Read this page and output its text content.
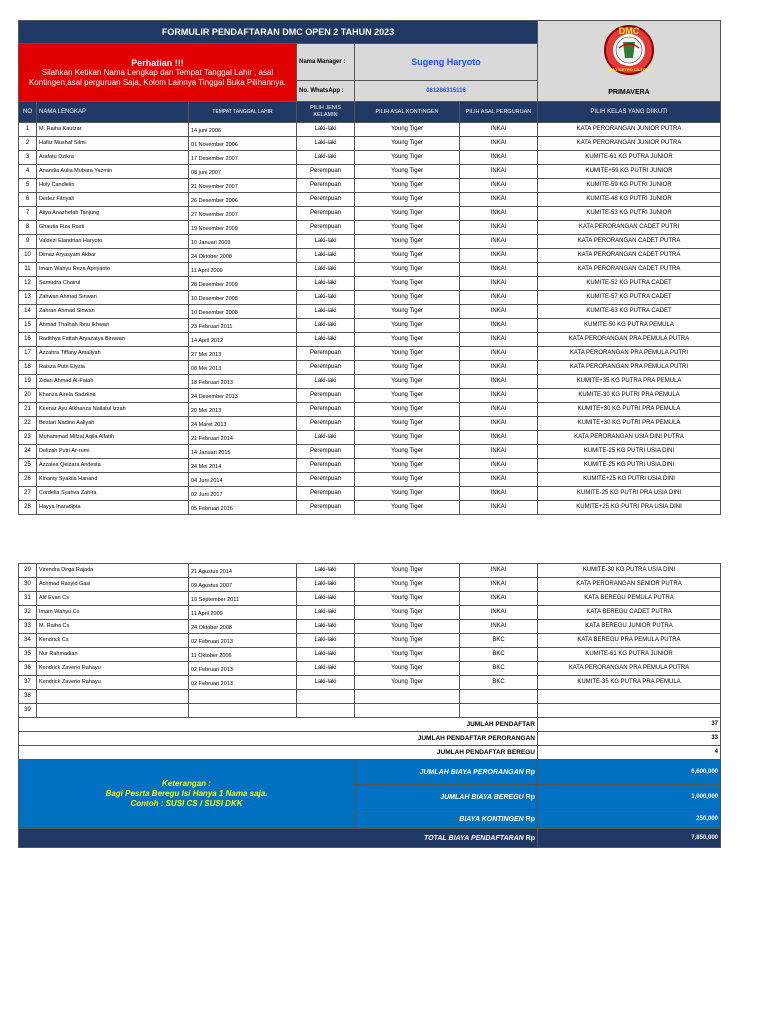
FORMULIR PENDAFTARAN DMC OPEN 2 TAHUN 2023						DMC
DOJO METRO CILEDUG
PRIMAVERA

Perhatian !!!
Silahkan Ketikan Nama Lengkap dan Tempat Tanggal Lahir , asal Kontingen,asal perguruan Saja, Kolom Lainnya Tinggal Buka Pilihannya.			Nama Manager :	Sugeng Haryoto		
			No. WhatsApp :	081286315116		
NO	NAMA LENGKAP	TEMPAT TANGGAL LAHIR	PILIH JENIS KELAMIN	PILIH ASAL KONTINGEN	PILIH ASAL PERGURUAN	PILIH KELAS YANG DIIKUTI
1	M. Raiha Kautzar	14 juni 2006	Laki-laki	Young Tiger	INKAI	KATA PERORANGAN JUNIOR PUTRA
2	Hafiiz Mushaf Silmi	01 November 2006	Laki-laki	Young Tiger	INKAI	KATA PERORANGAN JUNIOR PUTRA
3	Arafatu Dzikra	17 Desember 2007	Laki-laki	Young Tiger	INKAI	KUMITE-61 KG PUTRA JUNIOR
4	Anandia Aulia Mubara Yazmin	08 juni 2007	Perempuan	Young Tiger	INKAI	KUMITE+59 KG PUTRI JUNIOR
5	Holy Candlelin	21 November 2007	Perempuan	Young Tiger	INKAI	KUMITE-59 KG PUTRI JUNIOR
6	Dedez Fitriyah	26 Desember 2006	Perempuan	Young Tiger	INKAI	KUMITE-48 KG PUTRI JUNIOR
7	Aliya Anazhefah Tanjung	27 November 2007	Perempuan	Young Tiger	INKAI	KUMITE-53 KG PUTRI JUNIOR
8	Ghautia Fiza Rasti	19 November 2009	Perempuan	Young Tiger	INKAI	KATA PERORANGAN CADET PUTRI
9	Valdezi Elandrian Haryoto	10 Januari 2009	Laki-laki	Young Tiger	INKAI	KATA PERORANGAN CADET PUTRA
10	Dimaz Aryasyam Akbar	24 Oktober 2008	Laki-laki	Young Tiger	INKAI	KATA PERORANGAN CADET PUTRA
11	Imam Wahyu Reza Apriyanto	11 April 2009	Laki-laki	Young Tiger	INKAI	KATA PERORANGAN CADET PUTRA
12	Samudra Chairul	28 Desember 2009	Laki-laki	Young Tiger	INKAI	KUMITE-52 KG PUTRA CADET
13	Zahwan Ahmad Sinwan	10 Desember 2008	Laki-laki	Young Tiger	INKAI	KUMITE-57 KG PUTRA CADET
14	Zahran Ahmad Sinwan	10 Desember 2008	Laki-laki	Young Tiger	INKAI	KUMITE-63 KG PUTRA CADET
15	Ahmad Thalhah Ibnu Ikhwan	23 Februari 2011	Laki-laki	Young Tiger	INKAI	KUMITE-50 KG PUTRA PEMULA
16	Radithya Fattah Aryazatya Birawan	14 April 2012	Laki-laki	Young Tiger	INKAI	KATA PERORANGAN PRA PEMULA PUTRA
17	Azzahra Tiffany Amaliyah	27 Mei 2013	Perempuan	Young Tiger	INKAI	KATA PERORANGAN PRA PEMULA PUTRI
18	Raisza Putri Elyzia	08 Mei 2013	Perempuan	Young Tiger	INKAI	KATA PERORANGAN PRA PEMULA PUTRI
19	Zidan Ahmad Al-Fatah	18 Februari 2013	Laki-laki	Young Tiger	INKAI	KUMITE+35 KG PUTRA PRA PEMULA
20	Khanza Airela Sadzlina	24 Desember 2013	Perempuan	Young Tiger	INKAI	KUMITE-30 KG PUTRI PRA PEMULA
21	Keenar Ayu Alkhanza Nailatul Izzah	20 Mei 2013	Perempuan	Young Tiger	INKAI	KUMITE+30 KG PUTRI PRA PEMULA
22	Bestari Nadine Aaliyah	24 Maret 2013	Perempuan	Young Tiger	INKAI	KUMITE+30 KG PUTRI PRA PEMULA
23	Muhammad Mifzal Aqila Alfatih	21 Februari 2014	Laki-laki	Young Tiger	INKAI	KATA PERORANGAN USIA DINI PUTRA
24	Delizah Putri Ar-rumi	14 Januari 2015	Perempuan	Young Tiger	INKAI	KUMITE-25 KG PUTRI USIA DINI
25	Azzalea Qeizara Andesta	24 Mei 2014	Perempuan	Young Tiger	INKAI	KUMITE-25 KG PUTRI USIA DINI
26	Kinanty Syakila Hanand	04 Juni 2014	Perempuan	Young Tiger	INKAI	KUMITE+25 KG PUTRI USIA DINI
27	Cordelia Syahva Zahira	02 Juni 2017	Perempuan	Young Tiger	INKAI	KUMITE-25 KG PUTRI PRA USIA DINI
28	Hayya Inaradipta	05 Februari 2016	Perempuan	Young Tiger	INKAI	KUMITE+25 KG PUTRI PRA USIA DINI
29	Virendra Dirga Rajada	21 Agustus 2014	Laki-laki	Young Tiger	INKAI	KUMITE-30 KG PUTRA USIA DINI
30	Achmad Rasyid Gasi	09 Agustus 2007	Laki-laki	Young Tiger	INKAI	KATA PERORANGAN SENIOR PUTRA
31	Alif Evan Cs	10 September 2011	Laki-laki	Young Tiger	INKAI	KATA BEREGU PEMULA PUTRA
32	Imam Wahyu Cs	11 April 2009	Laki-laki	Young Tiger	INKAI	KATA BEREGU CADET PUTRA
33	M. Raiha Cs	24 Oktober 2008	Laki-laki	Young Tiger	INKAI	KATA BEREGU JUNIOR PUTRA
34	Kendrick Cs	02 Februari 2013	Laki-laki	Young Tiger	BKC	KATA BEREGU PRA PEMULA PUTRA
35	Nur Rahmadian	11 Oktober 2006	Laki-laki	Young Tiger	BKC	KUMITE-61 KG PUTRA JUNIOR
36	Kendrick Zaverio Rahayu	02 Februari 2013	Laki-laki	Young Tiger	BKC	KATA PERORANGAN PRA PEMULA PUTRA
37	Kendrick Zaverio Rahayu	02 Februari 2013	Laki-laki	Young Tiger	BKC	KUMITE-35 KG PUTRA PRA PEMULA
38						
39						
JUMLAH PENDAFTAR						37
JUMLAH PENDAFTAR PERORANGAN						33
JUMLAH PENDAFTAR BEREGU						4

Keterangan :
Bagi Pesrta Beregu Isi Hanya 1 Nama saja.
Contoh : SUSI CS / SUSI DKK				JUMLAH BIAYA PERORANGAN Rp		6,600,000
				JUMLAH BIAYA BEREGU Rp		1,000,000
				BIAYA KONTINGEN Rp		250,000
TOTAL BIAYA PENDAFTARAN Rp						7,850,000
